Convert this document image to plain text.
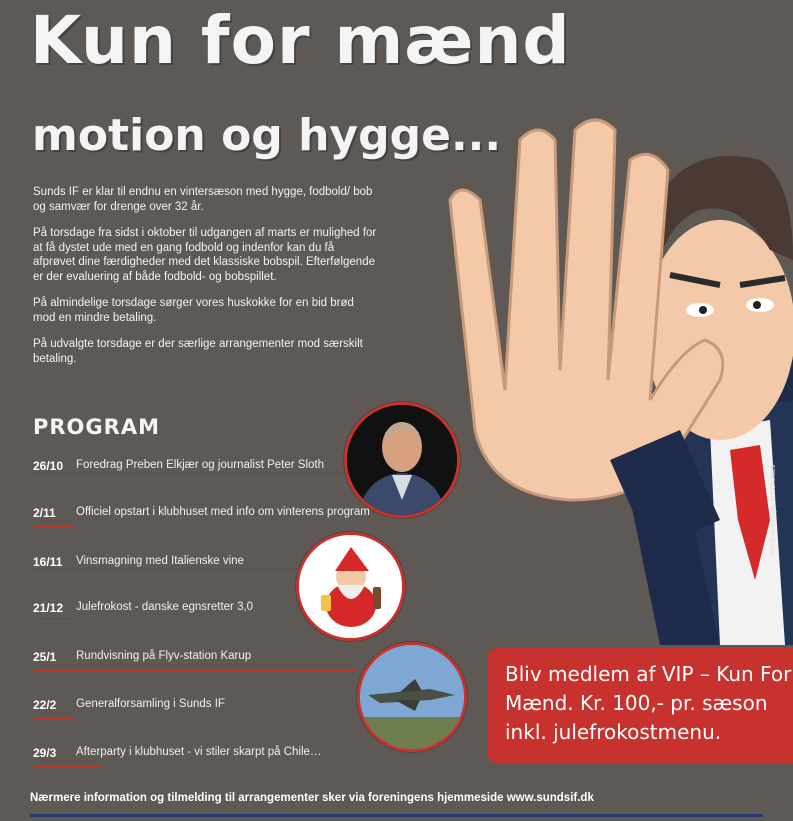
Kun for mænd
motion og hygge...

Sunds IF er klar til endnu en vintersæson med hygge, fodbold/ bob og samvær for drenge over 32 år.

På torsdage fra sidst i oktober til udgangen af marts er mulighed for at få dystet ude med en gang fodbold og indenfor kan du få afprøvet dine færdigheder med det klassiske bobspil. Efterfølgende er der evaluering af både fodbold- og bobspillet.

På almindelige torsdage sørger vores huskokke for en bid brød mod en mindre betaling.

På udvalgte torsdage er der særlige arrangementer mod særskilt betaling.

PROGRAM
26/10 Foredrag Preben Elkjær og journalist Peter Sloth
2/11 Officiel opstart i klubhuset med info om vinterens program
16/11 Vinsmagning med Italienske vine
21/12 Julefrokost - danske egnsretter 3,0
25/1 Rundvisning på Flyv-station Karup
22/2 Generalforsamling i Sunds IF
29/3 Afterparty i klubhuset - vi stiler skarpt på Chile…
Bliv medlem af VIP – Kun For
Mænd. Kr. 100,- pr. sæson
inkl. julefrokostmenu.
Ret til ændringer forbeholdes
Nærmere information og tilmelding til arrangementer sker via foreningens hjemmeside www.sundsif.dk
